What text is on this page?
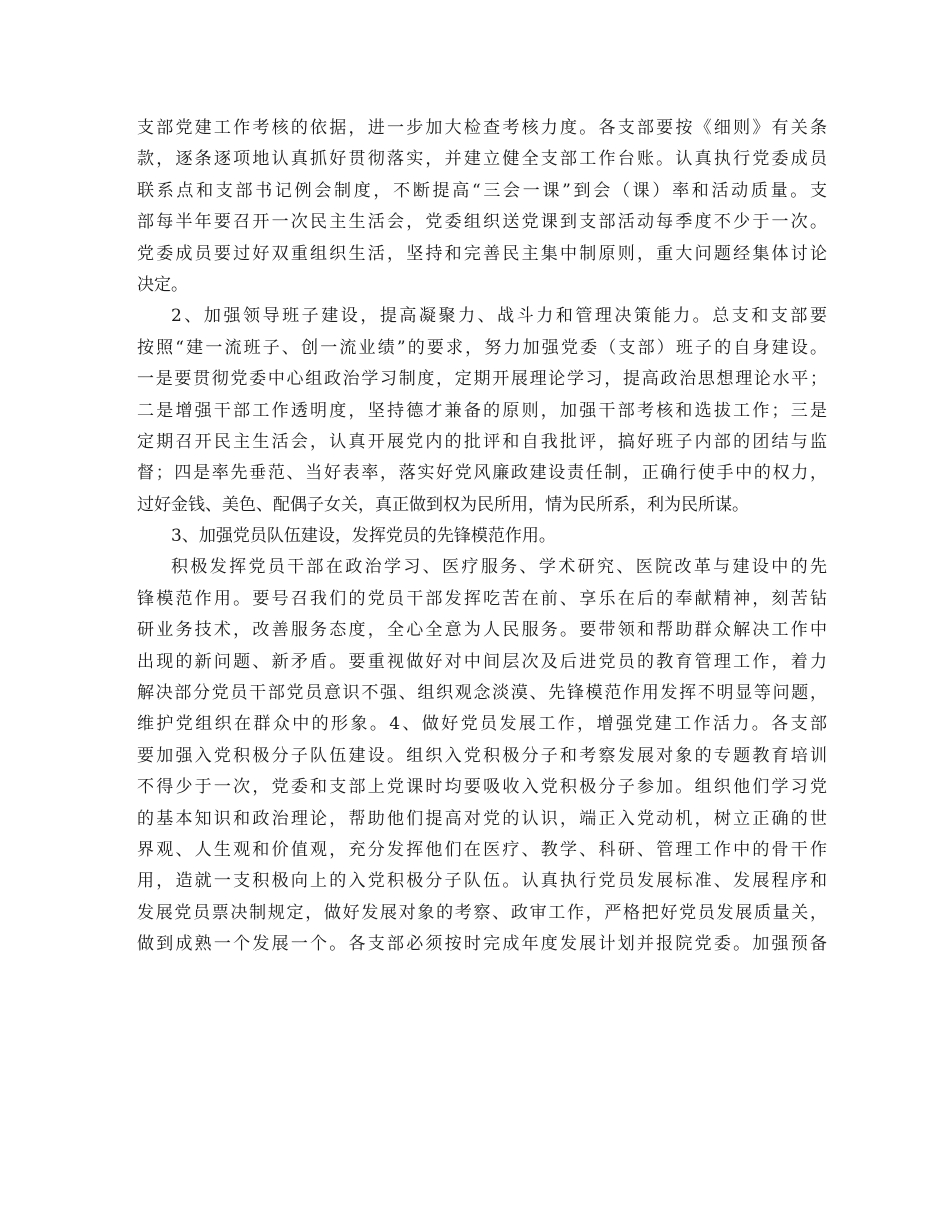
支部党建工作考核的依据，进一步加大检查考核力度。各支部要按《细则》有关条
款，逐条逐项地认真抓好贯彻落实，并建立健全支部工作台账。认真执行党委成员
联系点和支部书记例会制度，不断提高“三会一课”到会（课）率和活动质量。支
部每半年要召开一次民主生活会，党委组织送党课到支部活动每季度不少于一次。
党委成员要过好双重组织生活，坚持和完善民主集中制原则，重大问题经集体讨论
决定。
2、加强领导班子建设，提高凝聚力、战斗力和管理决策能力。总支和支部要
按照“建一流班子、创一流业绩”的要求，努力加强党委（支部）班子的自身建设。
一是要贯彻党委中心组政治学习制度，定期开展理论学习，提高政治思想理论水平；
二是增强干部工作透明度，坚持德才兼备的原则，加强干部考核和选拔工作；三是
定期召开民主生活会，认真开展党内的批评和自我批评，搞好班子内部的团结与监
督；四是率先垂范、当好表率，落实好党风廉政建设责任制，正确行使手中的权力，
过好金钱、美色、配偶子女关，真正做到权为民所用，情为民所系，利为民所谋。
3、加强党员队伍建设，发挥党员的先锋模范作用。
积极发挥党员干部在政治学习、医疗服务、学术研究、医院改革与建设中的先
锋模范作用。要号召我们的党员干部发挥吃苦在前、享乐在后的奉献精神，刻苦钻
研业务技术，改善服务态度，全心全意为人民服务。要带领和帮助群众解决工作中
出现的新问题、新矛盾。要重视做好对中间层次及后进党员的教育管理工作，着力
解决部分党员干部党员意识不强、组织观念淡漠、先锋模范作用发挥不明显等问题，
维护党组织在群众中的形象。4、做好党员发展工作，增强党建工作活力。各支部
要加强入党积极分子队伍建设。组织入党积极分子和考察发展对象的专题教育培训
不得少于一次，党委和支部上党课时均要吸收入党积极分子参加。组织他们学习党
的基本知识和政治理论，帮助他们提高对党的认识，端正入党动机，树立正确的世
界观、人生观和价值观，充分发挥他们在医疗、教学、科研、管理工作中的骨干作
用，造就一支积极向上的入党积极分子队伍。认真执行党员发展标准、发展程序和
发展党员票决制规定，做好发展对象的考察、政审工作，严格把好党员发展质量关，
做到成熟一个发展一个。各支部必须按时完成年度发展计划并报院党委。加强预备
